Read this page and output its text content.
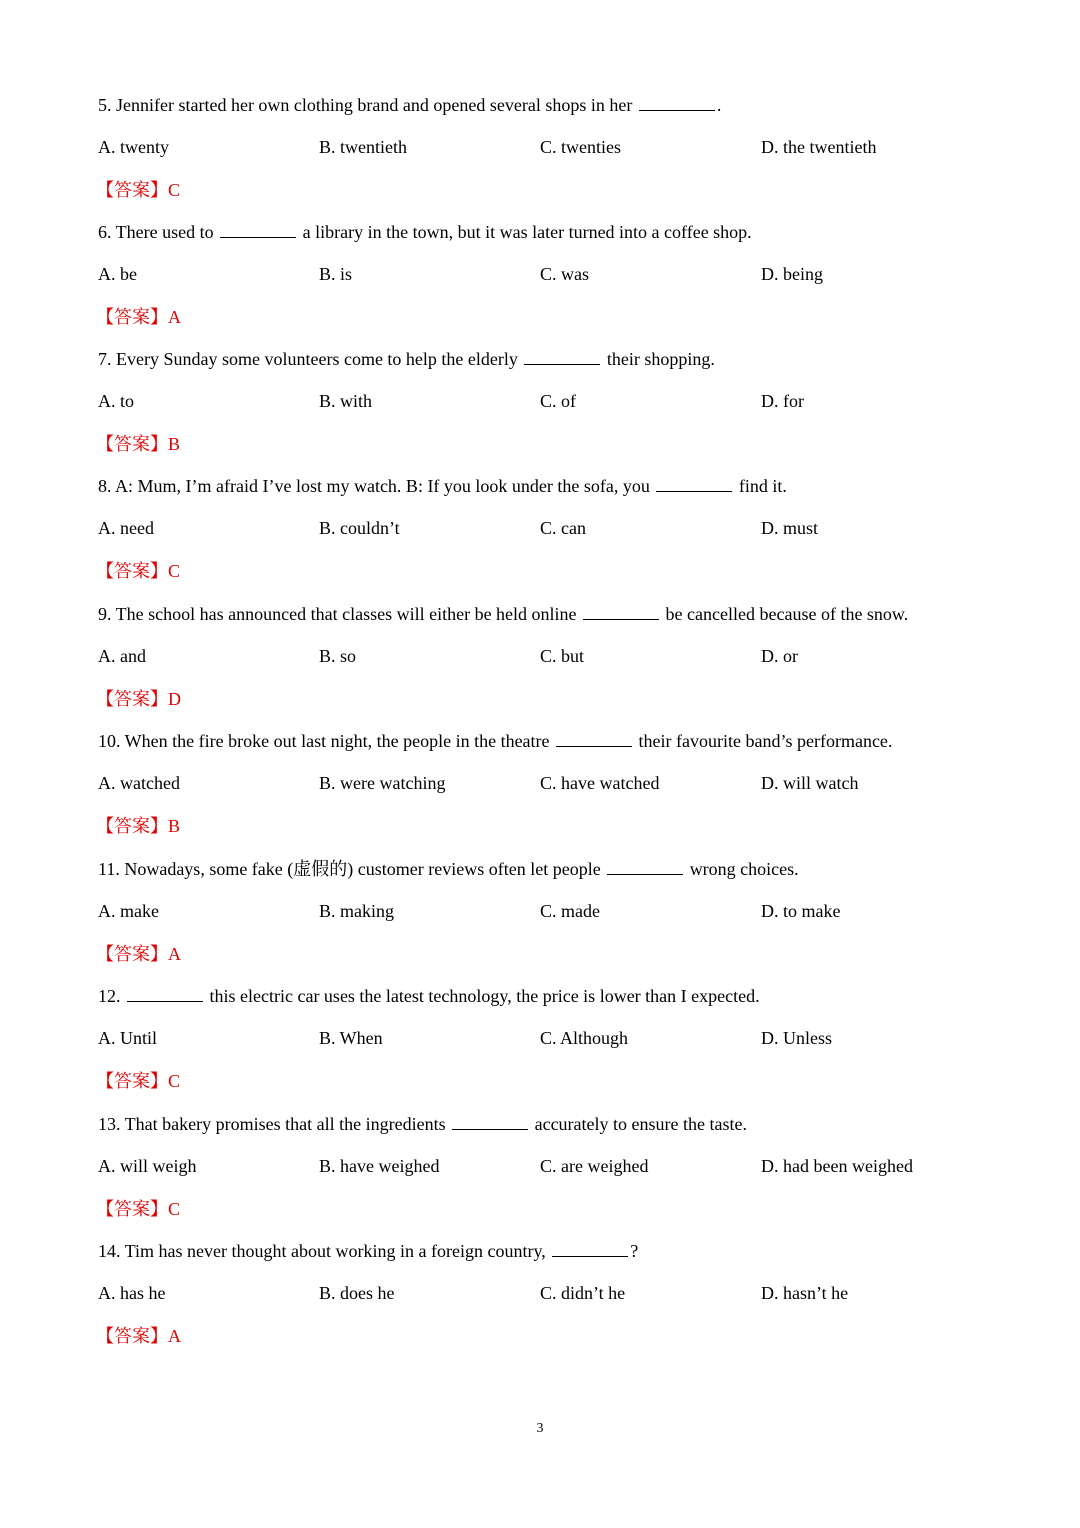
5. Jennifer started her own clothing brand and opened several shops in her	.
A. twenty	B. twentieth	C. twenties	D. the twentieth
【答案】C
6. There used to	a library in the town, but it was later turned into a coffee shop.
A. be	B. is	C. was	D. being
【答案】A
7. Every Sunday some volunteers come to help the elderly	their shopping.
A. to	B. with	C. of	D. for
【答案】B
8. A: Mum, I’m afraid I’ve lost my watch. B: If you look under the sofa, you	find it.
A. need	B. couldn’t	C. can	D. must
【答案】C
9. The school has announced that classes will either be held online	be cancelled because of the snow.
A. and	B. so	C. but	D. or
【答案】D
10. When the fire broke out last night, the people in the theatre	their favourite band’s performance.
A. watched	B. were watching	C. have watched	D. will watch
【答案】B
11. Nowadays, some fake (虚假的) customer reviews often let people	wrong choices.
A. make	B. making	C. made	D. to make
【答案】A
12.	this electric car uses the latest technology, the price is lower than I expected.
A. Until	B. When	C. Although	D. Unless
【答案】C
13. That bakery promises that all the ingredients	accurately to ensure the taste.
A. will weigh	B. have weighed	C. are weighed	D. had been weighed
【答案】C
14. Tim has never thought about working in a foreign country,	?
A. has he	B. does he	C. didn’t he	D. hasn’t he
【答案】A
3
